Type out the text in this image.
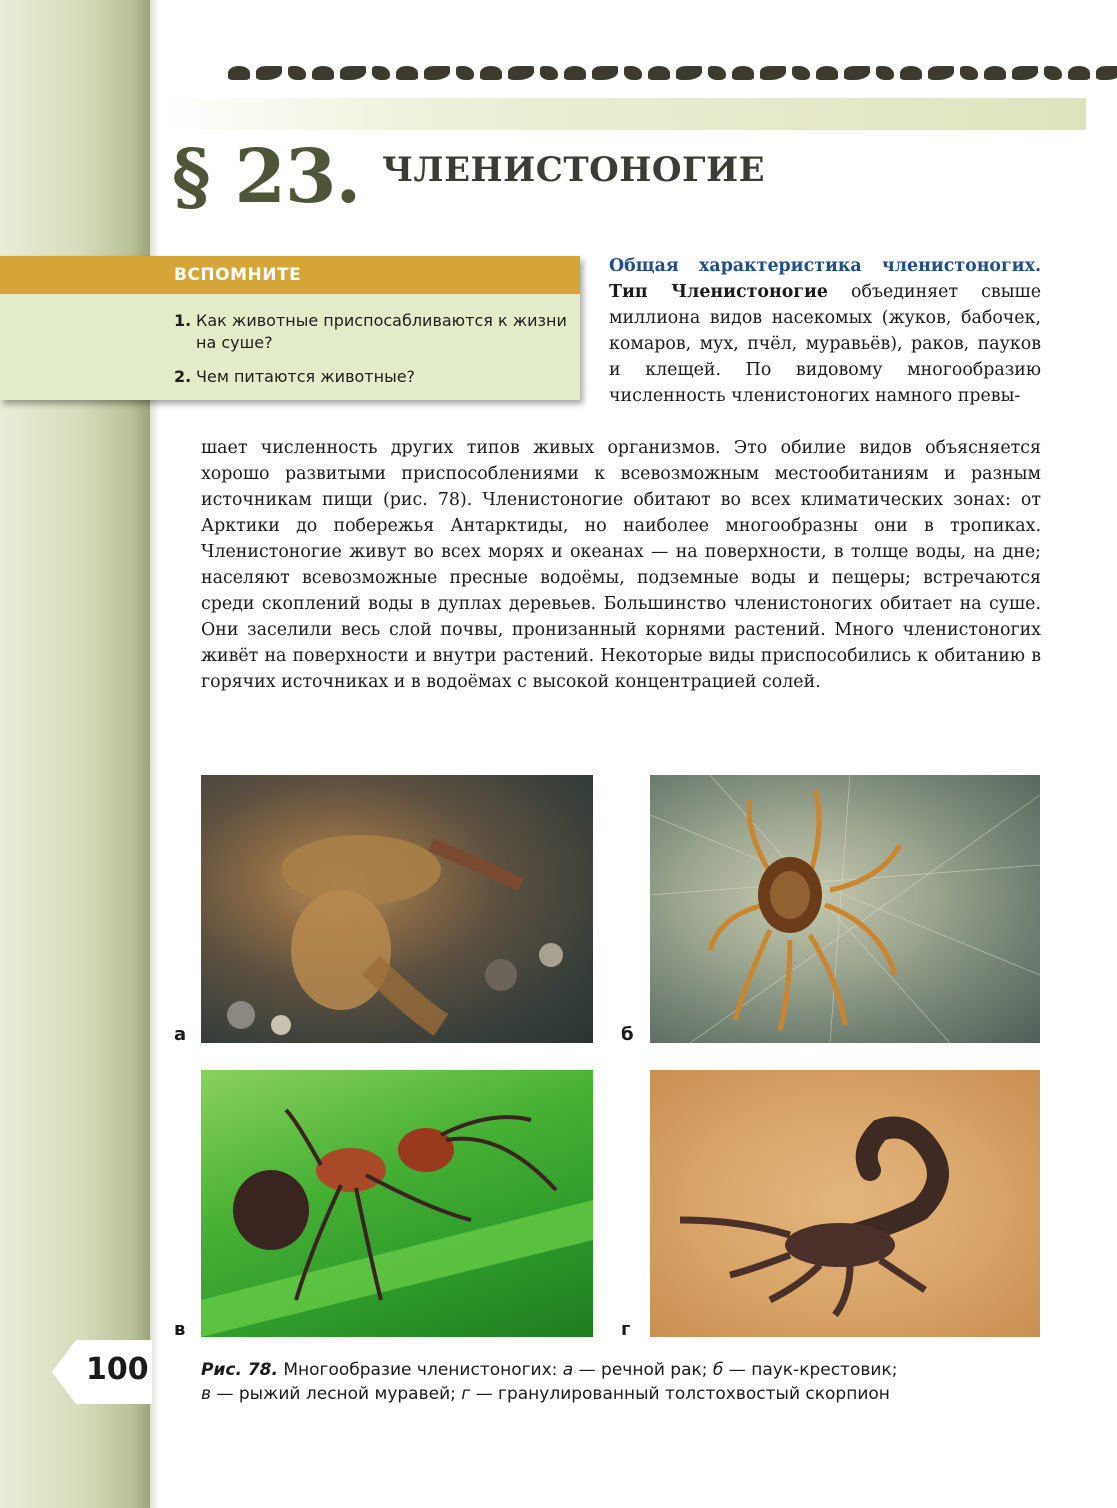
§ 23. ЧЛЕНИСТОНОГИЕ
ВСПОМНИТЕ
1. Как животные приспосабливаются к жизни на суше?
2. Чем питаются животные?
Общая характеристика членистоногих. Тип Членистоногие объединяет свыше миллиона видов насекомых (жуков, бабочек, комаров, мух, пчёл, муравьёв), раков, пауков и клещей. По видовому многообразию численность членистоногих намного превы-
шает численность других типов живых организмов. Это обилие видов объясняется хорошо развитыми приспособлениями к всевозможным местообитаниям и разным источникам пищи (рис. 78). Членистоногие обитают во всех климатических зонах: от Арктики до побережья Антарктиды, но наиболее многообразны они в тропиках. Членистоногие живут во всех морях и океанах — на поверхности, в толще воды, на дне; населяют всевозможные пресные водоёмы, подземные воды и пещеры; встречаются среди скоплений воды в дуплах деревьев. Большинство членистоногих обитает на суше. Они заселили весь слой почвы, пронизанный корнями растений. Много членистоногих живёт на поверхности и внутри растений. Некоторые виды приспособились к обитанию в горячих источниках и в водоёмах с высокой концентрацией солей.
а	б
в	г
100	Рис. 78. Многообразие членистоногих: а — речной рак; б — паук-крестовик;
в — рыжий лесной муравей; г — гранулированный толстохвостый скорпион
